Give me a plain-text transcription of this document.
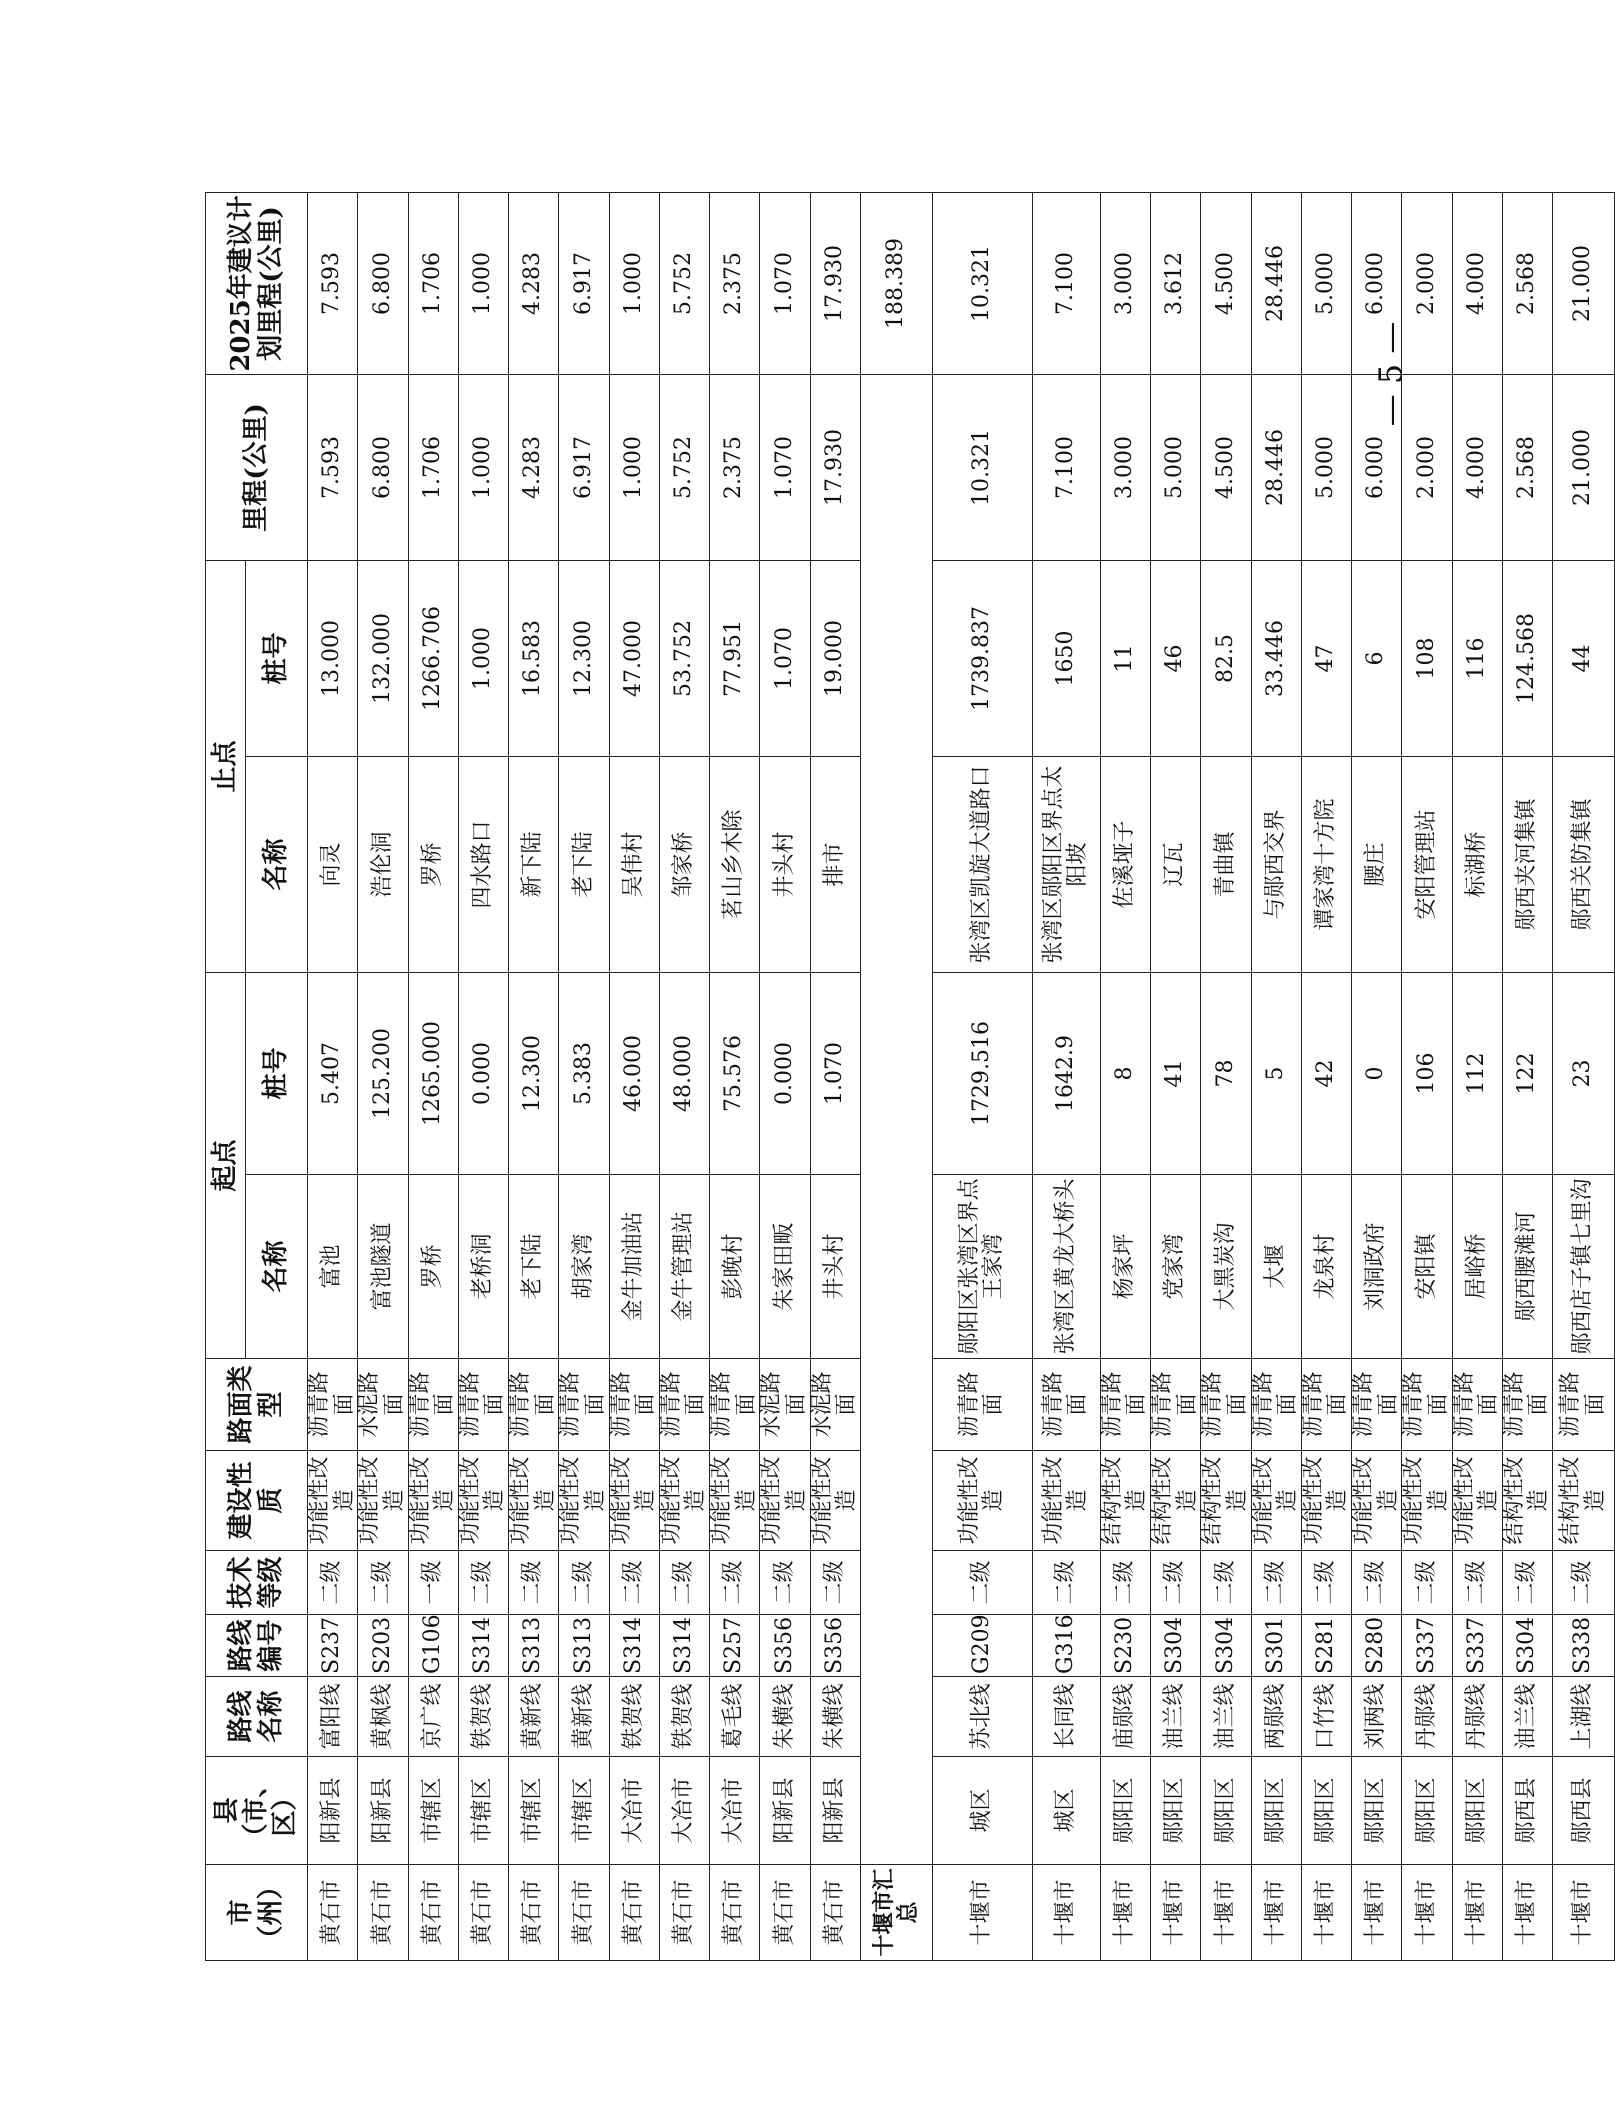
市（州）	县（市、区）	路线名称	路线编号	技术等级	建设性质	路面类型	起点		止点		里程(公里)	2025年建议计划里程(公里)
							名称	桩号	名称	桩号		
黄石市	阳新县	富阳线	S237	二级	功能性改造	沥青路面	富池	5.407	向灵	13.000	7.593	7.593
黄石市	阳新县	黄枫线	S203	二级	功能性改造	水泥路面	富池隧道	125.200	浩伦洞	132.000	6.800	6.800
黄石市	市辖区	京广线	G106	一级	功能性改造	沥青路面	罗桥	1265.000	罗桥	1266.706	1.706	1.706
黄石市	市辖区	铁贺线	S314	二级	功能性改造	沥青路面	老桥洞	0.000	四水路口	1.000	1.000	1.000
黄石市	市辖区	黄新线	S313	二级	功能性改造	沥青路面	老下陆	12.300	新下陆	16.583	4.283	4.283
黄石市	市辖区	黄新线	S313	二级	功能性改造	沥青路面	胡家湾	5.383	老下陆	12.300	6.917	6.917
黄石市	大冶市	铁贺线	S314	二级	功能性改造	沥青路面	金牛加油站	46.000	吴伟村	47.000	1.000	1.000
黄石市	大冶市	铁贺线	S314	二级	功能性改造	沥青路面	金牛管理站	48.000	邹家桥	53.752	5.752	5.752
黄石市	大冶市	葛毛线	S257	二级	功能性改造	沥青路面	彭晚村	75.576	茗山乡木除	77.951	2.375	2.375
黄石市	阳新县	朱横线	S356	二级	功能性改造	水泥路面	朱家田畈	0.000	井头村	1.070	1.070	1.070
黄石市	阳新县	朱横线	S356	二级	功能性改造	水泥路面	井头村	1.070	排市	19.000	17.930	17.930
十堰市汇总												188.389
十堰市	城区	苏北线	G209	二级	功能性改造	沥青路面	郧阳区张湾区界点王家湾	1729.516	张湾区凯旋大道路口	1739.837	10.321	10.321
十堰市	城区	长同线	G316	二级	功能性改造	沥青路面	张湾区黄龙大桥头	1642.9	张湾区郧阳区界点太阳坡	1650	7.100	7.100
十堰市	郧阳区	庙郧线	S230	二级	结构性改造	沥青路面	杨家坪	8	佐溪垭子	11	3.000	3.000
十堰市	郧阳区	油兰线	S304	二级	结构性改造	沥青路面	党家湾	41	辽瓦	46	5.000	3.612
十堰市	郧阳区	油兰线	S304	二级	结构性改造	沥青路面	大黑炭沟	78	青曲镇	82.5	4.500	4.500
十堰市	郧阳区	两郧线	S301	二级	功能性改造	沥青路面	大堰	5	与郧西交界	33.446	28.446	28.446
十堰市	郧阳区	口竹线	S281	二级	功能性改造	沥青路面	龙泉村	42	谭家湾十方院	47	5.000	5.000
十堰市	郧阳区	刘两线	S280	二级	功能性改造	沥青路面	刘洞政府	0	腰庄	6	6.000	6.000
十堰市	郧阳区	丹郧线	S337	二级	功能性改造	沥青路面	安阳镇	106	安阳管理站	108	2.000	2.000
十堰市	郧阳区	丹郧线	S337	二级	功能性改造	沥青路面	居峪桥	112	标湖桥	116	4.000	4.000
十堰市	郧西县	油兰线	S304	二级	结构性改造	沥青路面	郧西腰滩河	122	郧西夹河集镇	124.568	2.568	2.568
十堰市	郧西县	上湖线	S338	二级	结构性改造	沥青路面	郧西店子镇七里沟	23	郧西关防集镇	44	21.000	21.000
— 5 —
